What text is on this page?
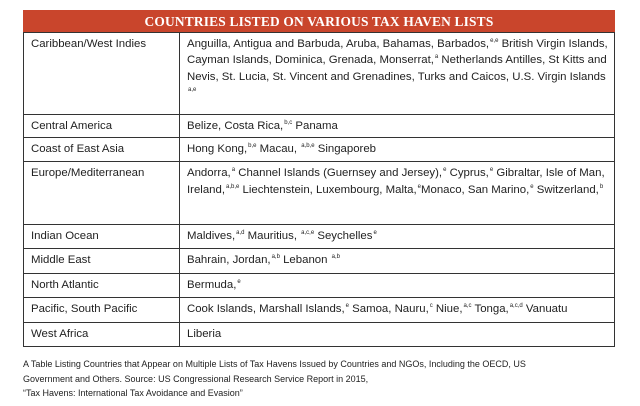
COUNTRIES LISTED ON VARIOUS TAX HAVEN LISTS
Caribbean/West Indies	Anguilla, Antigua and Barbuda, Aruba, Bahamas, Barbados,$^{e,e}$ British Virgin Islands, Cayman Islands, Dominica, Grenada, Monserrat,$^a$ Netherlands Antilles, St Kitts and Nevis, St. Lucia, St. Vincent and Grenadines, Turks and Caicos, U.S. Virgin Islands $^{a,e}$
Central America	Belize, Costa Rica,$^{b,c}$ Panama
Coast of East Asia	Hong Kong,$^{b,e}$ Macau, $^{a,b,e}$ Singaporeb
Europe/Mediterranean	Andorra,$^a$ Channel Islands (Guernsey and Jersey),$^e$ Cyprus,$^e$ Gibraltar, Isle of Man, Ireland,$^{a,b,e}$ Liechtenstein, Luxembourg, Malta,$^e$Monaco, San Marino,$^e$ Switzerland,$^b$
Indian Ocean	Maldives,$^{a,d}$ Mauritius, $^{a,c,e}$ Seychelles$^e$
Middle East	Bahrain, Jordan,$^{a,b}$ Lebanon $^{a,b}$
North Atlantic	Bermuda,$^e$
Pacific, South Pacific	Cook Islands, Marshall Islands,$^e$ Samoa, Nauru,$^c$ Niue,$^{a,c}$ Tonga,$^{a,c,d}$ Vanuatu
West Africa	Liberia
A Table Listing Countries that Appear on Multiple Lists of Tax Havens Issued by Countries and NGOs, Including the OECD, US
Government and Others. Source: US Congressional Research Service Report in 2015,
“Tax Havens: International Tax Avoidance and Evasion”
